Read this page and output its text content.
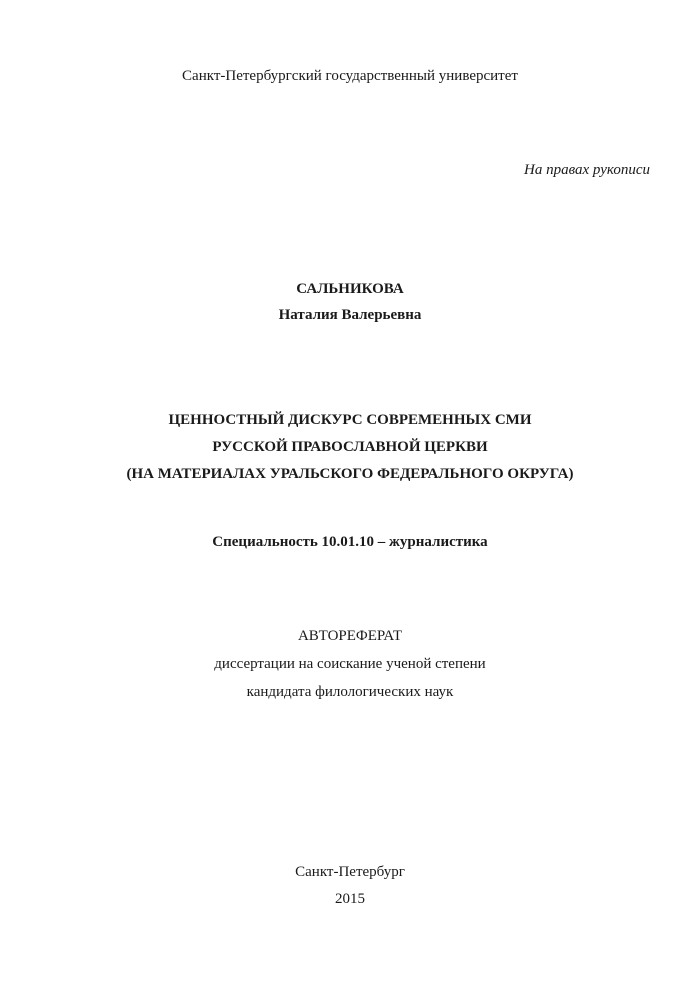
Санкт-Петербургский государственный университет
На правах рукописи
САЛЬНИКОВА
Наталия Валерьевна
ЦЕННОСТНЫЙ ДИСКУРС СОВРЕМЕННЫХ СМИ
РУССКОЙ ПРАВОСЛАВНОЙ ЦЕРКВИ
(НА МАТЕРИАЛАХ УРАЛЬСКОГО ФЕДЕРАЛЬНОГО ОКРУГА)
Специальность 10.01.10 – журналистика
АВТОРЕФЕРАТ
диссертации на соискание ученой степени
кандидата филологических наук
Санкт-Петербург
2015
